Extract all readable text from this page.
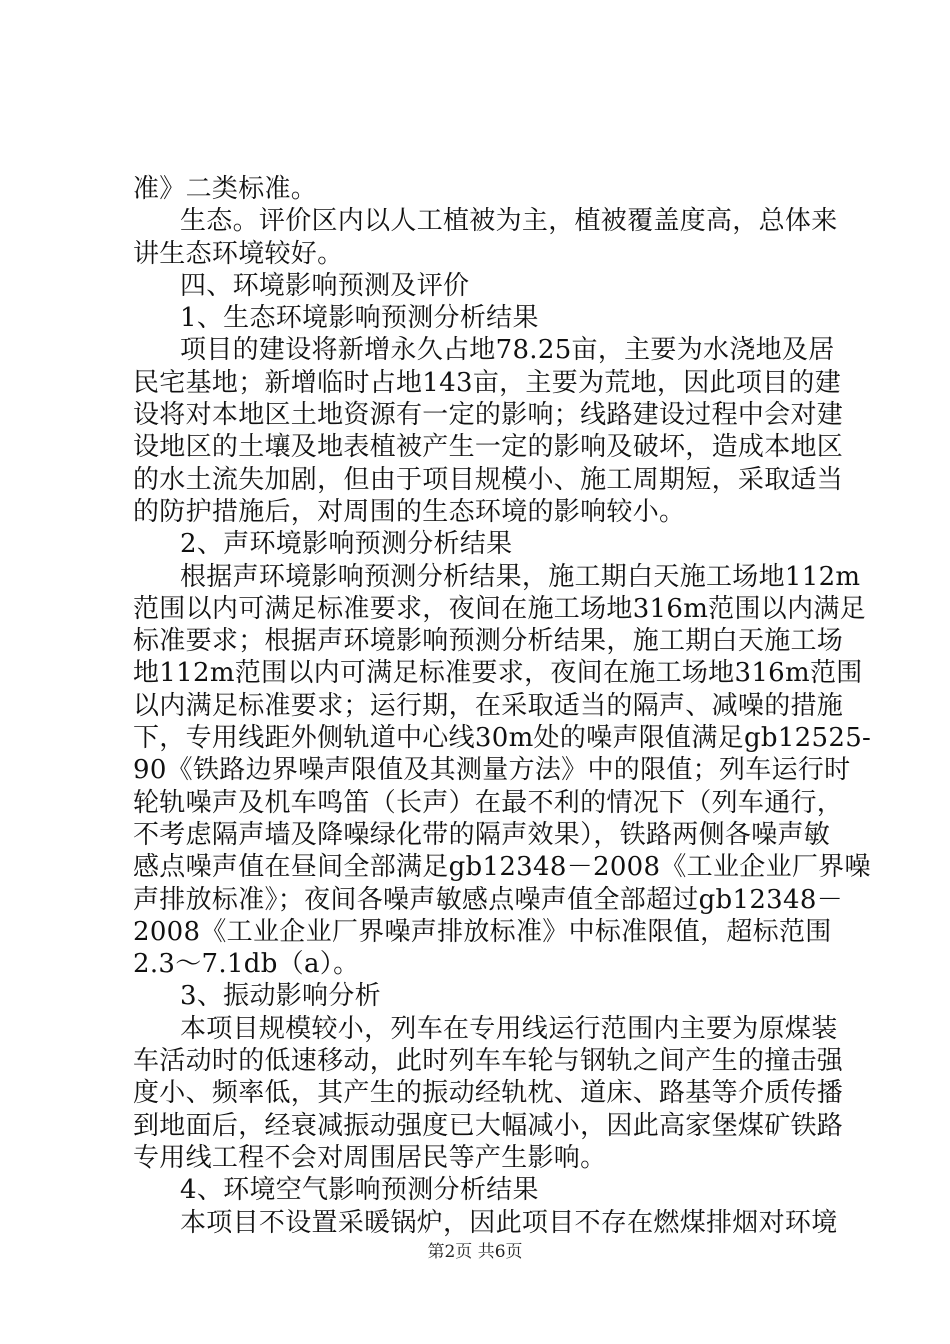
准》二类标准。
生态。评价区内以人工植被为主，植被覆盖度高，总体来
讲生态环境较好。
四、环境影响预测及评价
1、生态环境影响预测分析结果
项目的建设将新增永久占地78.25亩，主要为水浇地及居
民宅基地；新增临时占地143亩，主要为荒地，因此项目的建
设将对本地区土地资源有一定的影响；线路建设过程中会对建
设地区的土壤及地表植被产生一定的影响及破坏，造成本地区
的水土流失加剧，但由于项目规模小、施工周期短，采取适当
的防护措施后，对周围的生态环境的影响较小。
2、声环境影响预测分析结果
根据声环境影响预测分析结果，施工期白天施工场地112m
范围以内可满足标准要求，夜间在施工场地316m范围以内满足
标准要求；根据声环境影响预测分析结果，施工期白天施工场
地112m范围以内可满足标准要求，夜间在施工场地316m范围
以内满足标准要求；运行期，在采取适当的隔声、减噪的措施
下，专用线距外侧轨道中心线30m处的噪声限值满足gb12525-
90《铁路边界噪声限值及其测量方法》中的限值；列车运行时
轮轨噪声及机车鸣笛（长声）在最不利的情况下（列车通行，
不考虑隔声墙及降噪绿化带的隔声效果），铁路两侧各噪声敏
感点噪声值在昼间全部满足gb12348－2008《工业企业厂界噪
声排放标准》；夜间各噪声敏感点噪声值全部超过gb12348－
2008《工业企业厂界噪声排放标准》中标准限值，超标范围
2.3～7.1db（a）。
3、振动影响分析
本项目规模较小，列车在专用线运行范围内主要为原煤装
车活动时的低速移动，此时列车车轮与钢轨之间产生的撞击强
度小、频率低，其产生的振动经轨枕、道床、路基等介质传播
到地面后，经衰减振动强度已大幅减小，因此高家堡煤矿铁路
专用线工程不会对周围居民等产生影响。
4、环境空气影响预测分析结果
本项目不设置采暖锅炉，因此项目不存在燃煤排烟对环境
第2页 共6页
